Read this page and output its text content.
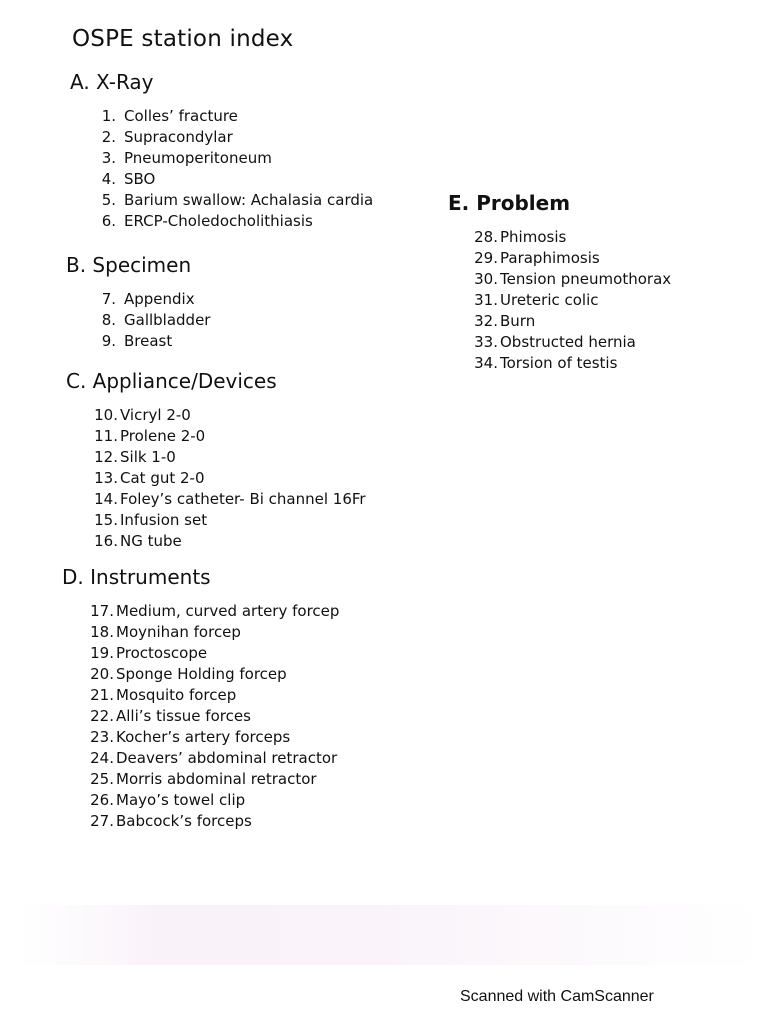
OSPE station index
A. X-Ray
1. Colles’ fracture
2. Supracondylar
3. Pneumoperitoneum
4. SBO
5. Barium swallow: Achalasia cardia
6. ERCP-Choledocholithiasis
B. Specimen
7. Appendix
8. Gallbladder
9. Breast
C. Appliance/Devices
10. Vicryl 2-0
11. Prolene 2-0
12. Silk 1-0
13. Cat gut 2-0
14. Foley’s catheter- Bi channel 16Fr
15. Infusion set
16. NG tube
D. Instruments
17. Medium, curved artery forcep
18. Moynihan forcep
19. Proctoscope
20. Sponge Holding forcep
21. Mosquito forcep
22. Alli’s tissue forces
23. Kocher’s artery forceps
24. Deavers’ abdominal retractor
25. Morris abdominal retractor
26. Mayo’s towel clip
27. Babcock’s forceps
E. Problem
28. Phimosis
29. Paraphimosis
30. Tension pneumothorax
31. Ureteric colic
32. Burn
33. Obstructed hernia
34. Torsion of testis
Scanned with CamScanner
